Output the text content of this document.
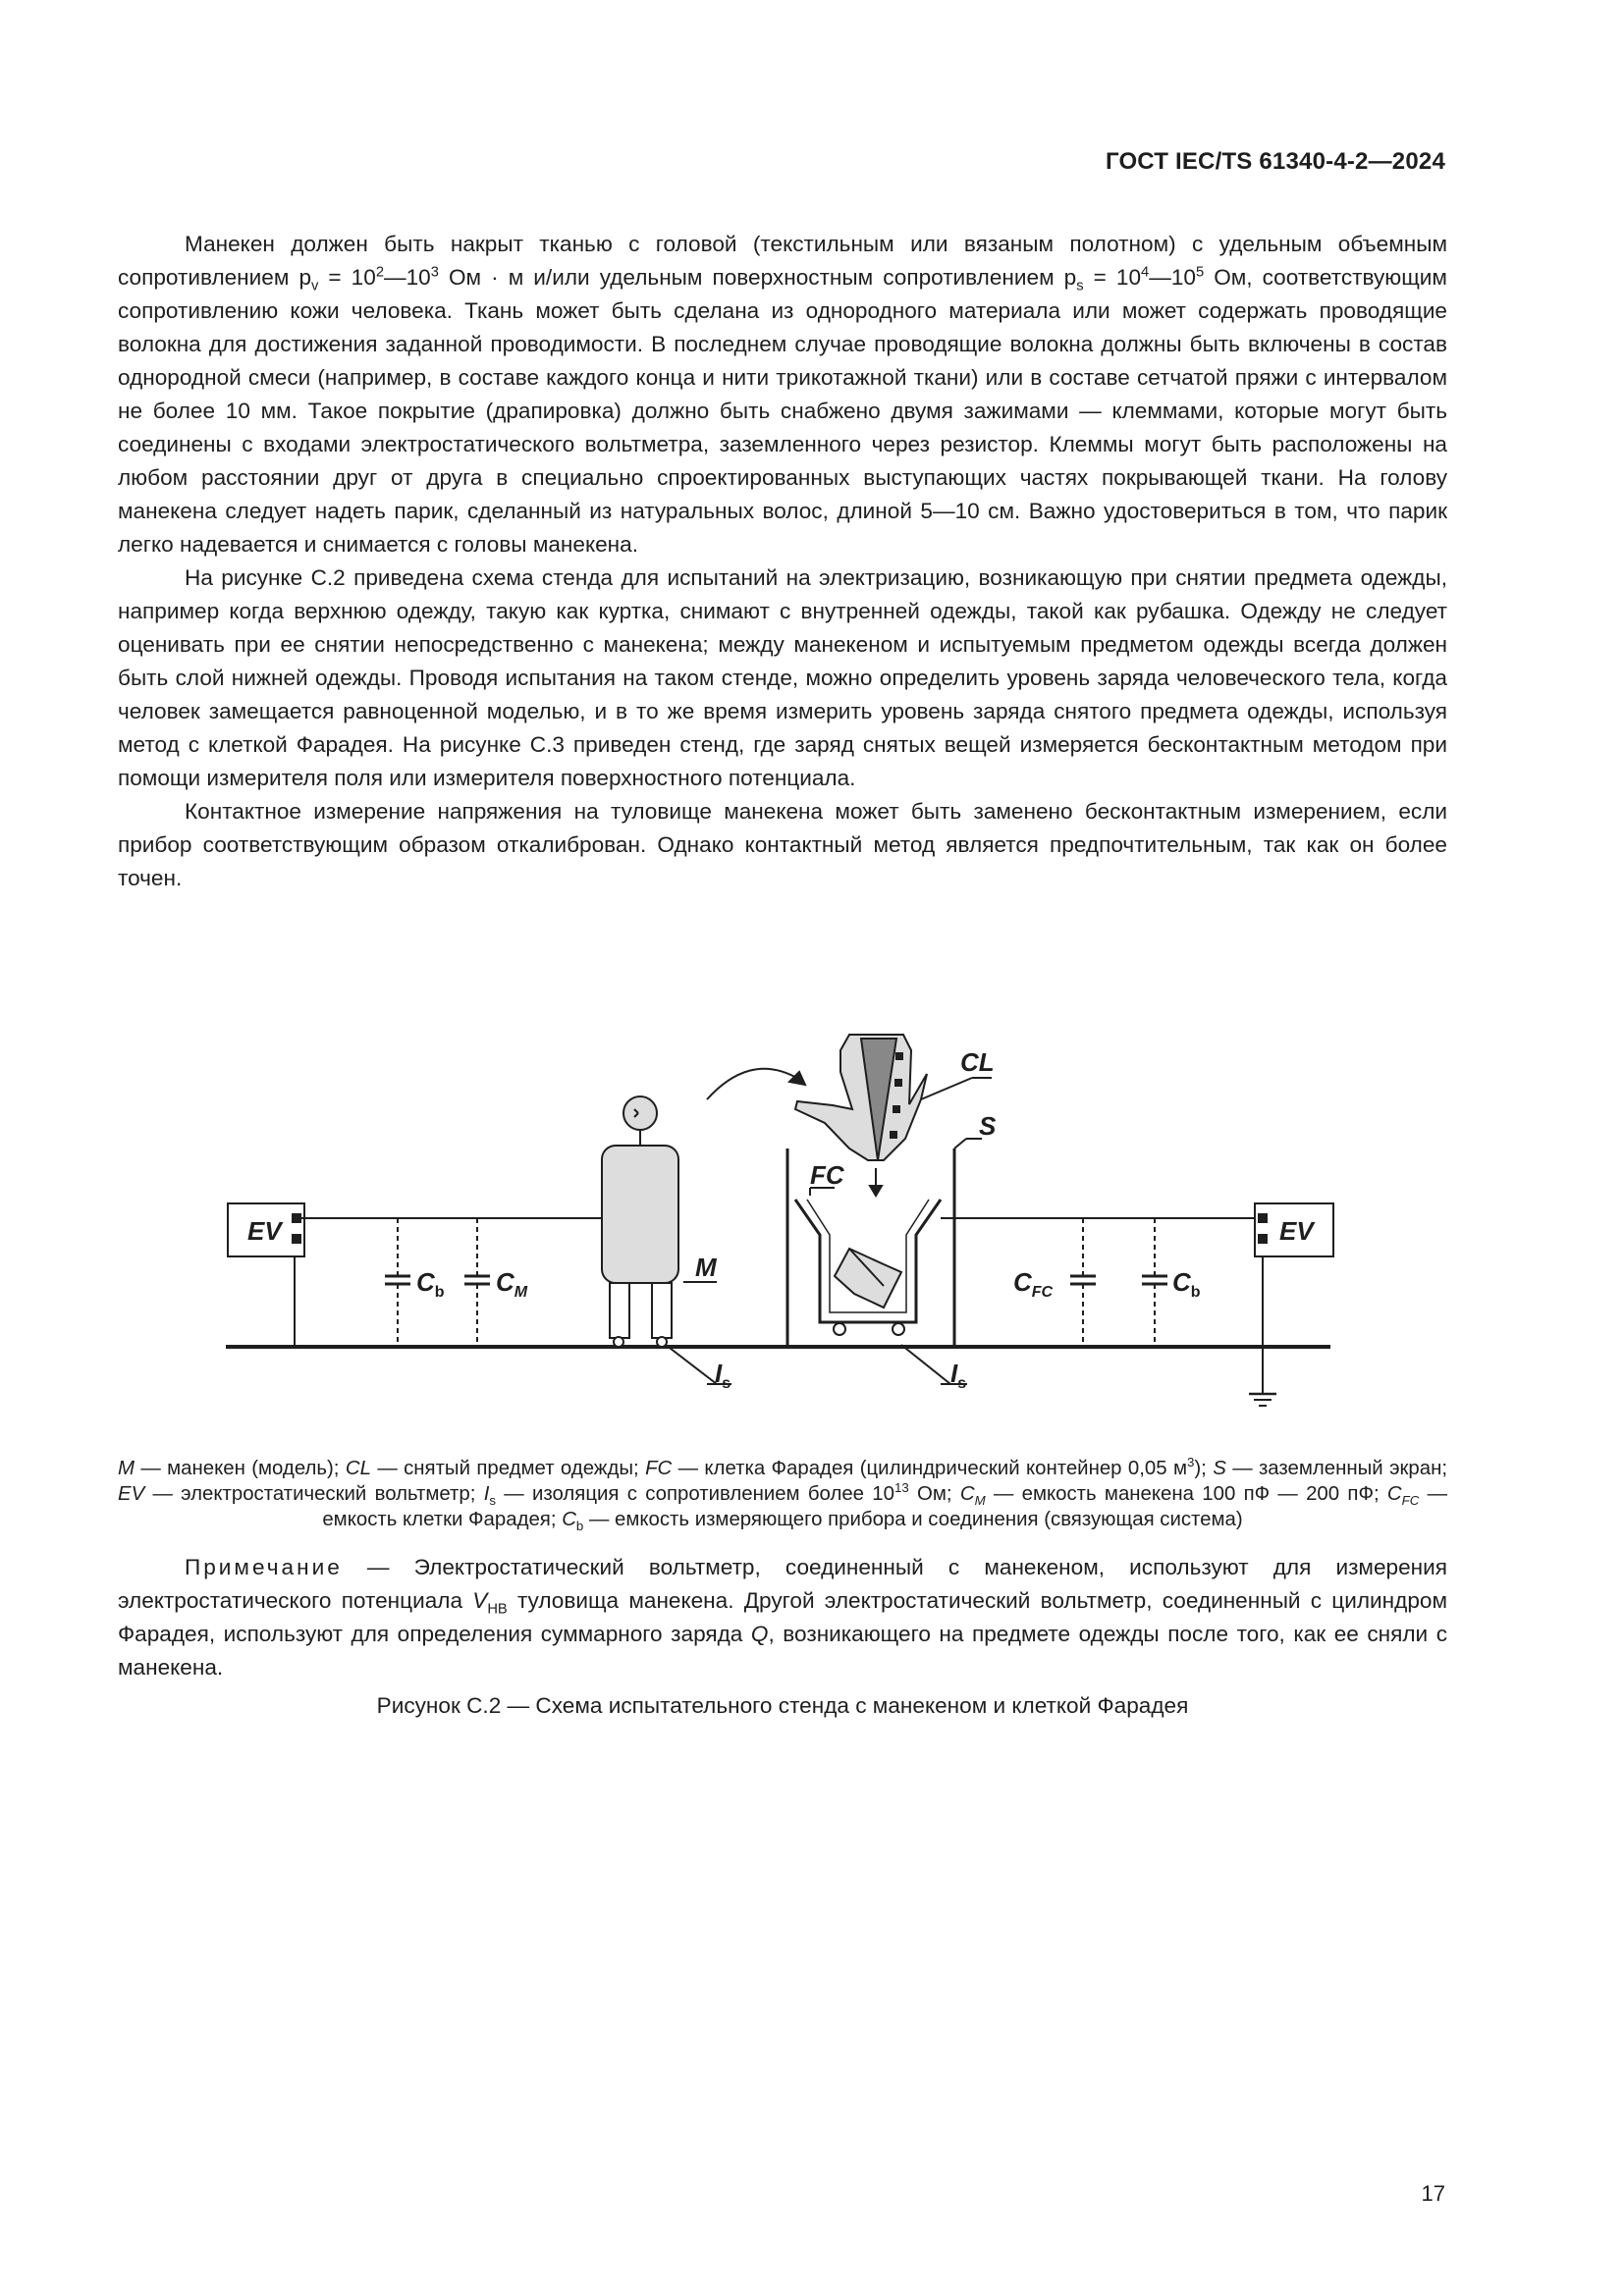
ГОСТ IEC/TS 61340-4-2—2024

Манекен должен быть накрыт тканью с головой (текстильным или вязаным полотном) с удельным объемным сопротивлением $p_v$ = $10^2—10^3$ Ом · м и/или удельным поверхностным сопротивлением $p_s$ = $10^4—10^5$ Ом, соответствующим сопротивлению кожи человека. Ткань может быть сделана из однородного материала или может содержать проводящие волокна для достижения заданной проводимости. В последнем случае проводящие волокна должны быть включены в состав однородной смеси (например, в составе каждого конца и нити трикотажной ткани) или в составе сетчатой пряжи с интервалом не более 10 мм. Такое покрытие (драпировка) должно быть снабжено двумя зажимами — клеммами, которые могут быть соединены с входами электростатического вольтметра, заземленного через резистор. Клеммы могут быть расположены на любом расстоянии друг от друга в специально спроектированных выступающих частях покрывающей ткани. На голову манекена следует надеть парик, сделанный из натуральных волос, длиной 5—10 см. Важно удостовериться в том, что парик легко надевается и снимается с головы манекена.

На рисунке С.2 приведена схема стенда для испытаний на электризацию, возникающую при снятии предмета одежды, например когда верхнюю одежду, такую как куртка, снимают с внутренней одежды, такой как рубашка. Одежду не следует оценивать при ее снятии непосредственно с манекена; между манекеном и испытуемым предметом одежды всегда должен быть слой нижней одежды. Проводя испытания на таком стенде, можно определить уровень заряда человеческого тела, когда человек замещается равноценной моделью, и в то же время измерить уровень заряда снятого предмета одежды, используя метод с клеткой Фарадея. На рисунке С.3 приведен стенд, где заряд снятых вещей измеряется бесконтактным методом при помощи измерителя поля или измерителя поверхностного потенциала.

Контактное измерение напряжения на туловище манекена может быть заменено бесконтактным измерением, если прибор соответствующим образом откалиброван. Однако контактный метод является предпочтительным, так как он более точен.

EV	EV
CL
S
FC
M
$C_b$ $C_M$	$C_{FC}$	$C_b$
$I_s$	$I_s$

M — манекен (модель); CL — снятый предмет одежды; FC — клетка Фарадея (цилиндрический контейнер 0,05 $м^3$); S — заземленный экран; EV — электростатический вольтметр; $I_s$ — изоляция с сопротивлением более $10^{13}$ Ом; $C_M$ — емкость манекена 100 пФ — 200 пФ; $C_{FC}$ — емкость клетки Фарадея; $C_b$ — емкость измеряющего прибора и соединения (связующая система)

Примечание — Электростатический вольтметр, соединенный с манекеном, используют для измерения электростатического потенциала $V_{HB}$ туловища манекена. Другой электростатический вольтметр, соединенный с цилиндром Фарадея, используют для определения суммарного заряда Q, возникающего на предмете одежды после того, как ее сняли с манекена.

Рисунок С.2 — Схема испытательного стенда с манекеном и клеткой Фарадея
17
